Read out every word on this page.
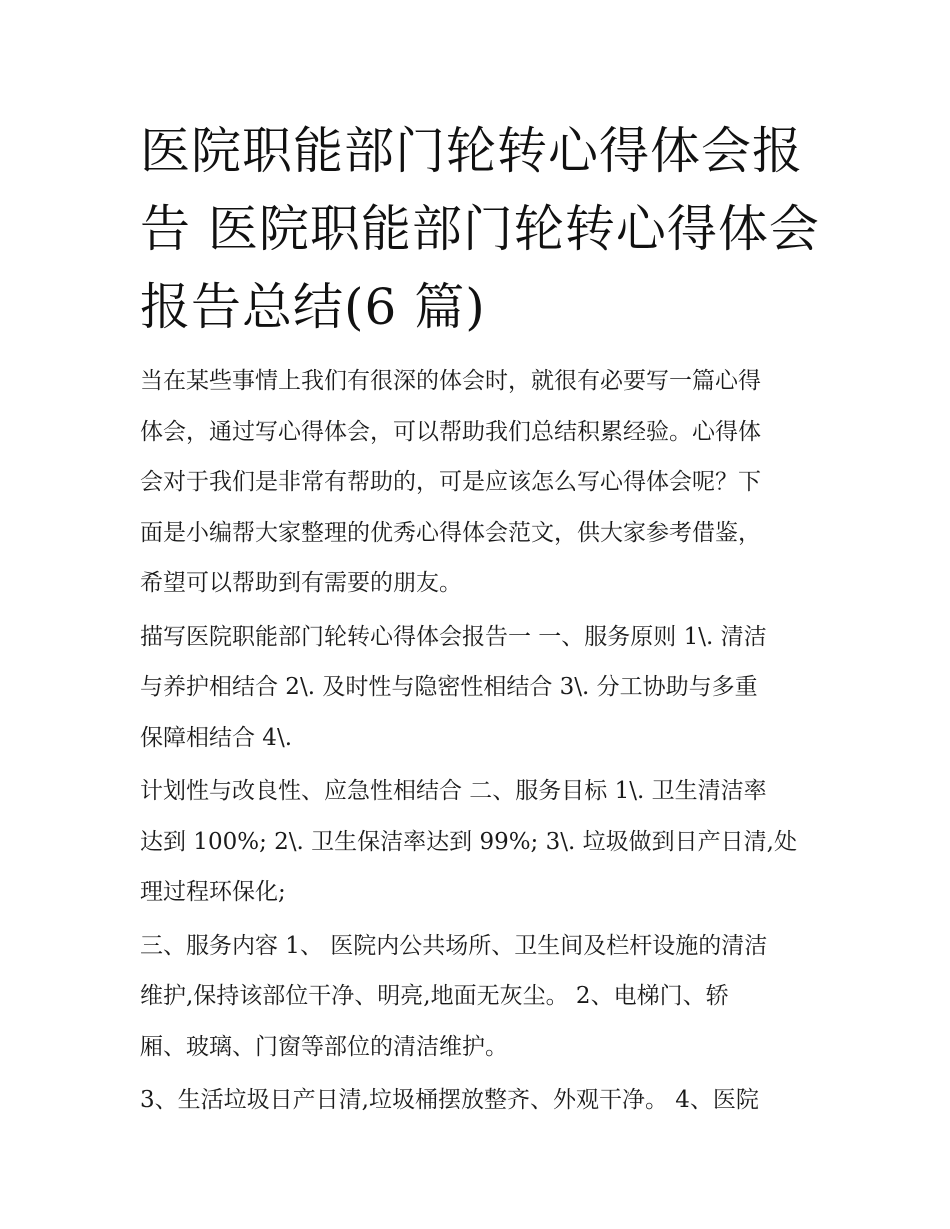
医院职能部门轮转心得体会报
告 医院职能部门轮转心得体会
报告总结(6 篇)

当在某些事情上我们有很深的体会时，就很有必要写一篇心得
体会，通过写心得体会，可以帮助我们总结积累经验。心得体
会对于我们是非常有帮助的，可是应该怎么写心得体会呢？下
面是小编帮大家整理的优秀心得体会范文，供大家参考借鉴，
希望可以帮助到有需要的朋友。

描写医院职能部门轮转心得体会报告一 一、服务原则 1\. 清洁
与养护相结合 2\. 及时性与隐密性相结合 3\. 分工协助与多重
保障相结合 4\.

计划性与改良性、应急性相结合 二、服务目标 1\. 卫生清洁率
达到 100%; 2\. 卫生保洁率达到 99%; 3\. 垃圾做到日产日清,处
理过程环保化;

三、服务内容 1、 医院内公共场所、卫生间及栏杆设施的清洁
维护,保持该部位干净、明亮,地面无灰尘。 2、电梯门、轿
厢、玻璃、门窗等部位的清洁维护。

3、生活垃圾日产日清,垃圾桶摆放整齐、外观干净。 4、医院
